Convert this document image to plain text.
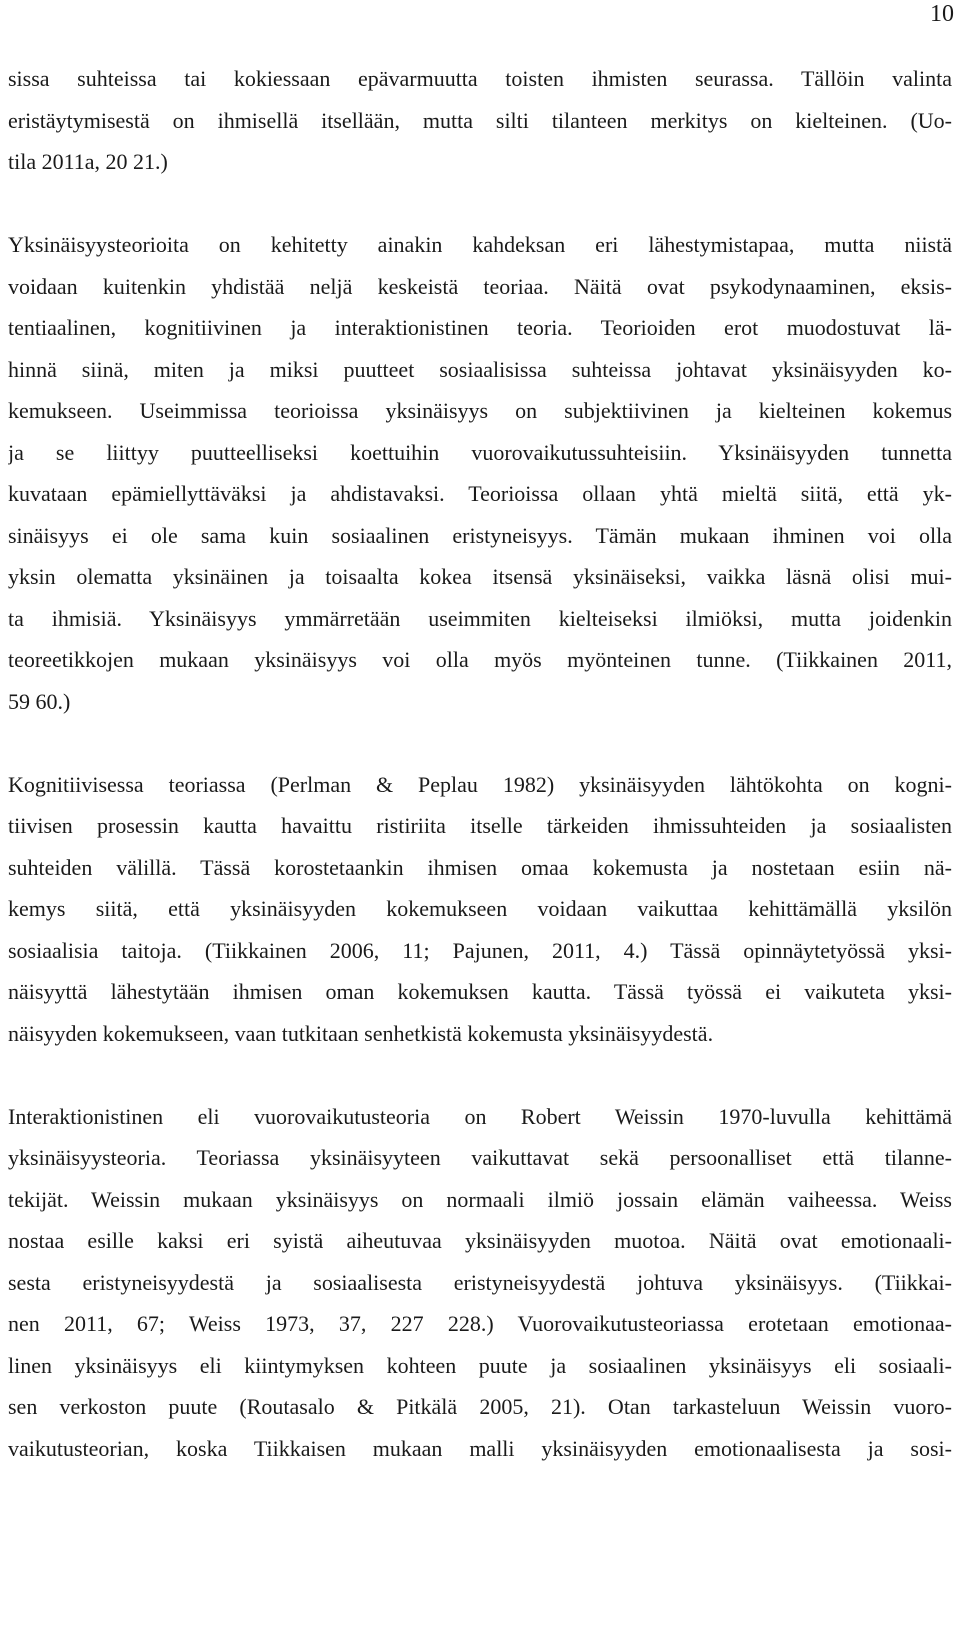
10
sissa suhteissa tai kokiessaan epävarmuutta toisten ihmisten seurassa. Tällöin valinta
eristäytymisestä on ihmisellä itsellään, mutta silti tilanteen merkitys on kielteinen. (Uo-
tila 2011a, 20 21.)
Yksinäisyysteorioita on kehitetty ainakin kahdeksan eri lähestymistapaa, mutta niistä
voidaan kuitenkin yhdistää neljä keskeistä teoriaa. Näitä ovat psykodynaaminen, eksis-
tentiaalinen, kognitiivinen ja interaktionistinen teoria. Teorioiden erot muodostuvat lä-
hinnä siinä, miten ja miksi puutteet sosiaalisissa suhteissa johtavat yksinäisyyden ko-
kemukseen. Useimmissa teorioissa yksinäisyys on subjektiivinen ja kielteinen kokemus
ja se liittyy puutteelliseksi koettuihin vuorovaikutussuhteisiin. Yksinäisyyden tunnetta
kuvataan epämiellyttäväksi ja ahdistavaksi. Teorioissa ollaan yhtä mieltä siitä, että yk-
sinäisyys ei ole sama kuin sosiaalinen eristyneisyys. Tämän mukaan ihminen voi olla
yksin olematta yksinäinen ja toisaalta kokea itsensä yksinäiseksi, vaikka läsnä olisi mui-
ta ihmisiä. Yksinäisyys ymmärretään useimmiten kielteiseksi ilmiöksi, mutta joidenkin
teoreetikkojen mukaan yksinäisyys voi olla myös myönteinen tunne. (Tiikkainen 2011,
59 60.)
Kognitiivisessa teoriassa (Perlman & Peplau 1982) yksinäisyyden lähtökohta on kogni-
tiivisen prosessin kautta havaittu ristiriita itselle tärkeiden ihmissuhteiden ja sosiaalisten
suhteiden välillä. Tässä korostetaankin ihmisen omaa kokemusta ja nostetaan esiin nä-
kemys siitä, että yksinäisyyden kokemukseen voidaan vaikuttaa kehittämällä yksilön
sosiaalisia taitoja. (Tiikkainen 2006, 11; Pajunen, 2011, 4.) Tässä opinnäytetyössä yksi-
näisyyttä lähestytään ihmisen oman kokemuksen kautta. Tässä työssä ei vaikuteta yksi-
näisyyden kokemukseen, vaan tutkitaan senhetkistä kokemusta yksinäisyydestä.
Interaktionistinen eli vuorovaikutusteoria on Robert Weissin 1970-luvulla kehittämä
yksinäisyysteoria. Teoriassa yksinäisyyteen vaikuttavat sekä persoonalliset että tilanne-
tekijät. Weissin mukaan yksinäisyys on normaali ilmiö jossain elämän vaiheessa. Weiss
nostaa esille kaksi eri syistä aiheutuvaa yksinäisyyden muotoa. Näitä ovat emotionaali-
sesta eristyneisyydestä ja sosiaalisesta eristyneisyydestä johtuva yksinäisyys. (Tiikkai-
nen 2011, 67; Weiss 1973, 37, 227 228.) Vuorovaikutusteoriassa erotetaan emotionaa-
linen yksinäisyys eli kiintymyksen kohteen puute ja sosiaalinen yksinäisyys eli sosiaali-
sen verkoston puute (Routasalo & Pitkälä 2005, 21). Otan tarkasteluun Weissin vuoro-
vaikutusteorian, koska Tiikkaisen mukaan malli yksinäisyyden emotionaalisesta ja sosi-
